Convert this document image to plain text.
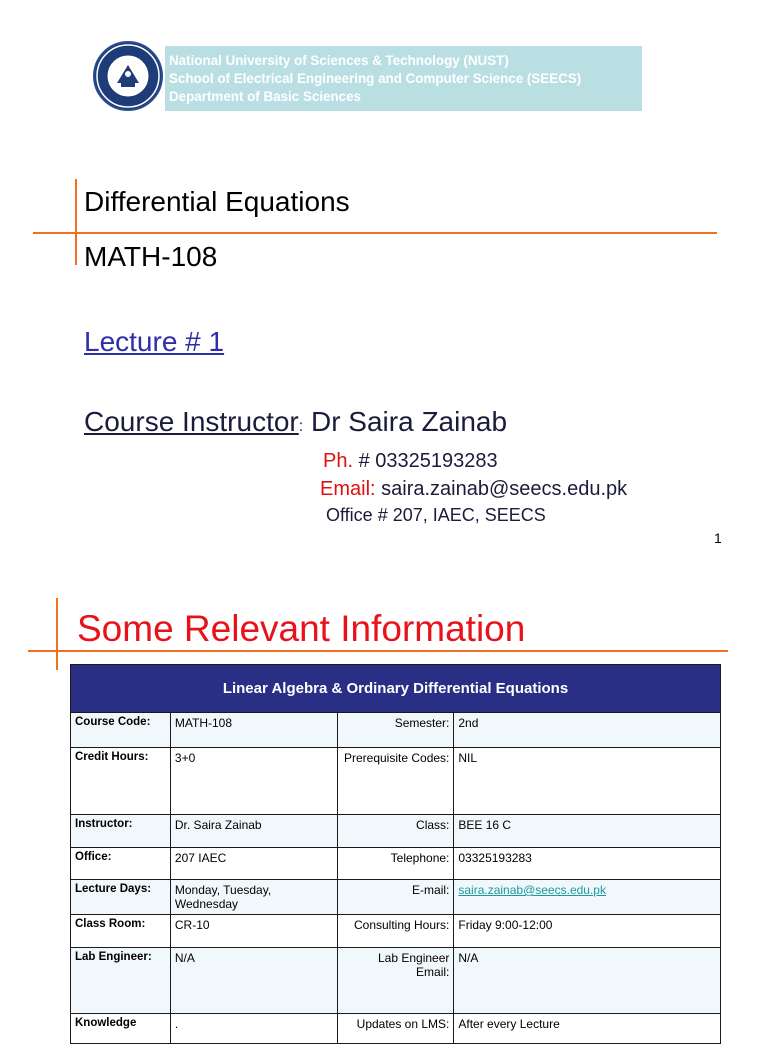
National University of Sciences & Technology (NUST)
School of Electrical Engineering and Computer Science (SEECS)
Department of Basic Sciences
Differential Equations
MATH-108
Lecture # 1
Course Instructor: Dr Saira Zainab
Ph. # 03325193283
Email: saira.zainab@seecs.edu.pk
Office # 207, IAEC, SEECS
1
Some Relevant Information
Linear Algebra & Ordinary Differential Equations			
Course Code:	MATH-108	Semester:	2nd
Credit Hours:	3+0	Prerequisite Codes:	NIL
Instructor:	Dr. Saira Zainab	Class:	BEE 16 C
Office:	207 IAEC	Telephone:	03325193283
Lecture Days:	Monday, Tuesday, Wednesday	E-mail:	saira.zainab@seecs.edu.pk
Class Room:	CR-10	Consulting Hours:	Friday 9:00-12:00
Lab Engineer:	N/A	Lab Engineer Email:	N/A
Knowledge	.	Updates on LMS:	After every Lecture
